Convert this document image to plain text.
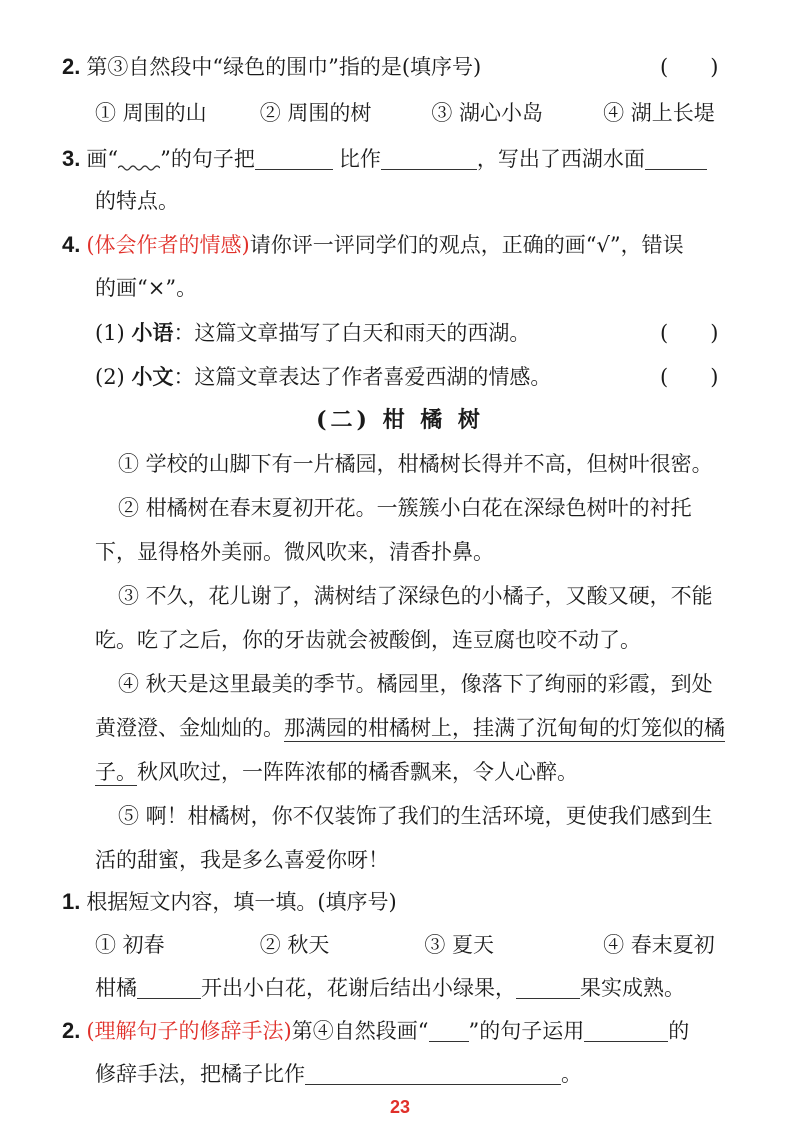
2. 第③自然段中“绿色的围巾”指的是(填序号)	(　　)
① 周围的山	② 周围的树	③ 湖心小岛	④ 湖上长堤
3. 画“ ”的句子把	比作	，写出了西湖水面
的特点。
4. (体会作者的情感)请你评一评同学们的观点，正确的画“√”，错误
的画“×”。
(1) 小语：这篇文章描写了白天和雨天的西湖。	(　　)
(2) 小文：这篇文章表达了作者喜爱西湖的情感。	(　　)
(二) 柑 橘 树
① 学校的山脚下有一片橘园，柑橘树长得并不高，但树叶很密。
② 柑橘树在春末夏初开花。一簇簇小白花在深绿色树叶的衬托
下，显得格外美丽。微风吹来，清香扑鼻。
③ 不久，花儿谢了，满树结了深绿色的小橘子，又酸又硬，不能
吃。吃了之后，你的牙齿就会被酸倒，连豆腐也咬不动了。
④ 秋天是这里最美的季节。橘园里，像落下了绚丽的彩霞，到处
黄澄澄、金灿灿的。那满园的柑橘树上，挂满了沉甸甸的灯笼似的橘
子。秋风吹过，一阵阵浓郁的橘香飘来，令人心醉。
⑤ 啊！柑橘树，你不仅装饰了我们的生活环境，更使我们感到生
活的甜蜜，我是多么喜爱你呀！
1. 根据短文内容，填一填。(填序号)
① 初春	② 秋天	③ 夏天	④ 春末夏初
柑橘	开出小白花，花谢后结出小绿果，	果实成熟。
2. (理解句子的修辞手法)第④自然段画“ ”的句子运用	的
修辞手法，把橘子比作	。
23
